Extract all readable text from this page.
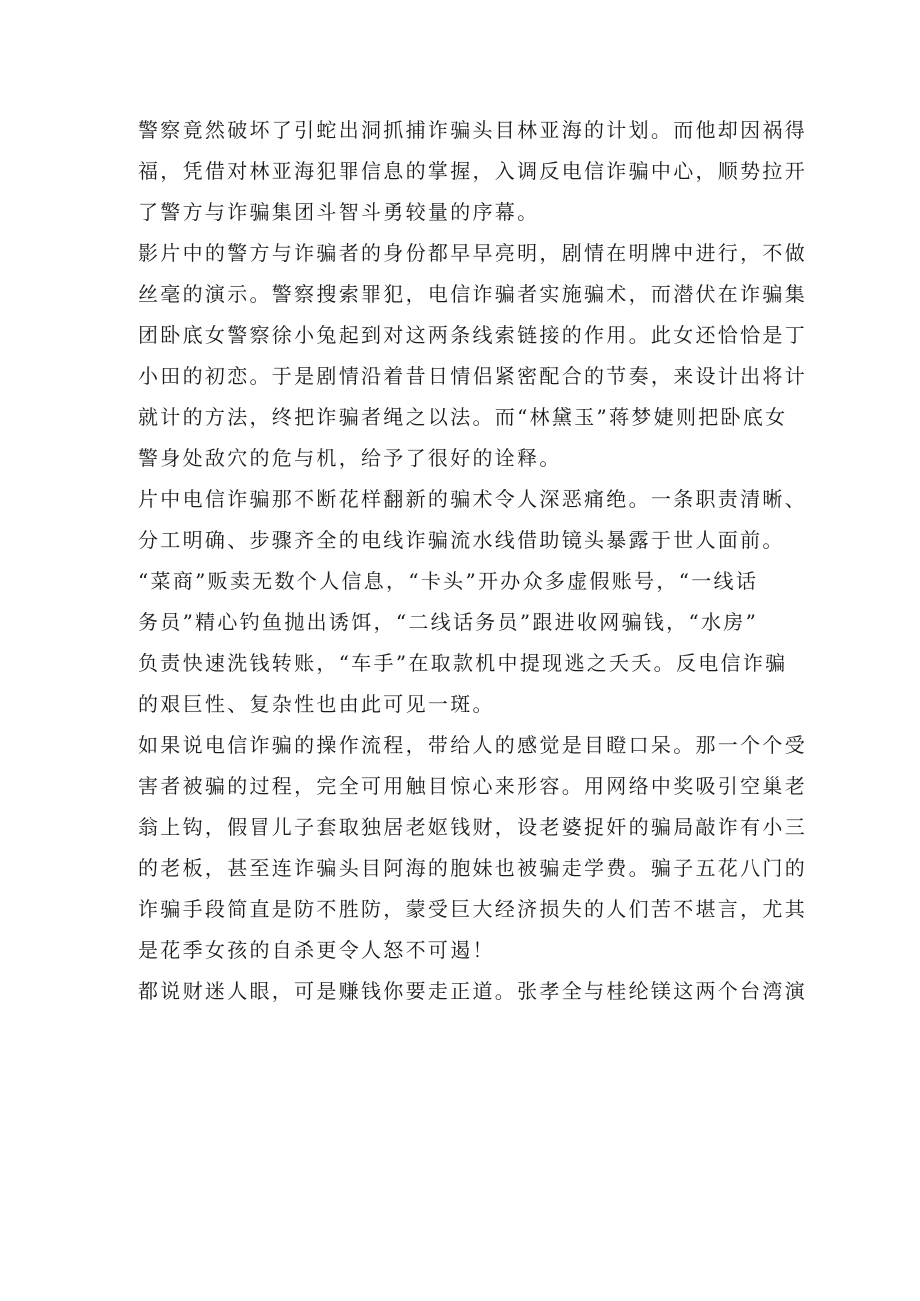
警察竟然破坏了引蛇出洞抓捕诈骗头目林亚海的计划。而他却因祸得
福，凭借对林亚海犯罪信息的掌握，入调反电信诈骗中心，顺势拉开
了警方与诈骗集团斗智斗勇较量的序幕。
影片中的警方与诈骗者的身份都早早亮明，剧情在明牌中进行，不做
丝毫的演示。警察搜索罪犯，电信诈骗者实施骗术，而潜伏在诈骗集
团卧底女警察徐小兔起到对这两条线索链接的作用。此女还恰恰是丁
小田的初恋。于是剧情沿着昔日情侣紧密配合的节奏，来设计出将计
就计的方法，终把诈骗者绳之以法。而“林黛玉”蒋梦婕则把卧底女
警身处敌穴的危与机，给予了很好的诠释。
片中电信诈骗那不断花样翻新的骗术令人深恶痛绝。一条职责清晰、
分工明确、步骤齐全的电线诈骗流水线借助镜头暴露于世人面前。
“菜商”贩卖无数个人信息，“卡头”开办众多虚假账号，“一线话
务员”精心钓鱼抛出诱饵，“二线话务员”跟进收网骗钱，“水房”
负责快速洗钱转账，“车手”在取款机中提现逃之夭夭。反电信诈骗
的艰巨性、复杂性也由此可见一斑。
如果说电信诈骗的操作流程，带给人的感觉是目瞪口呆。那一个个受
害者被骗的过程，完全可用触目惊心来形容。用网络中奖吸引空巢老
翁上钩，假冒儿子套取独居老妪钱财，设老婆捉奸的骗局敲诈有小三
的老板，甚至连诈骗头目阿海的胞妹也被骗走学费。骗子五花八门的
诈骗手段简直是防不胜防，蒙受巨大经济损失的人们苦不堪言，尤其
是花季女孩的自杀更令人怒不可遏！
都说财迷人眼，可是赚钱你要走正道。张孝全与桂纶镁这两个台湾演
